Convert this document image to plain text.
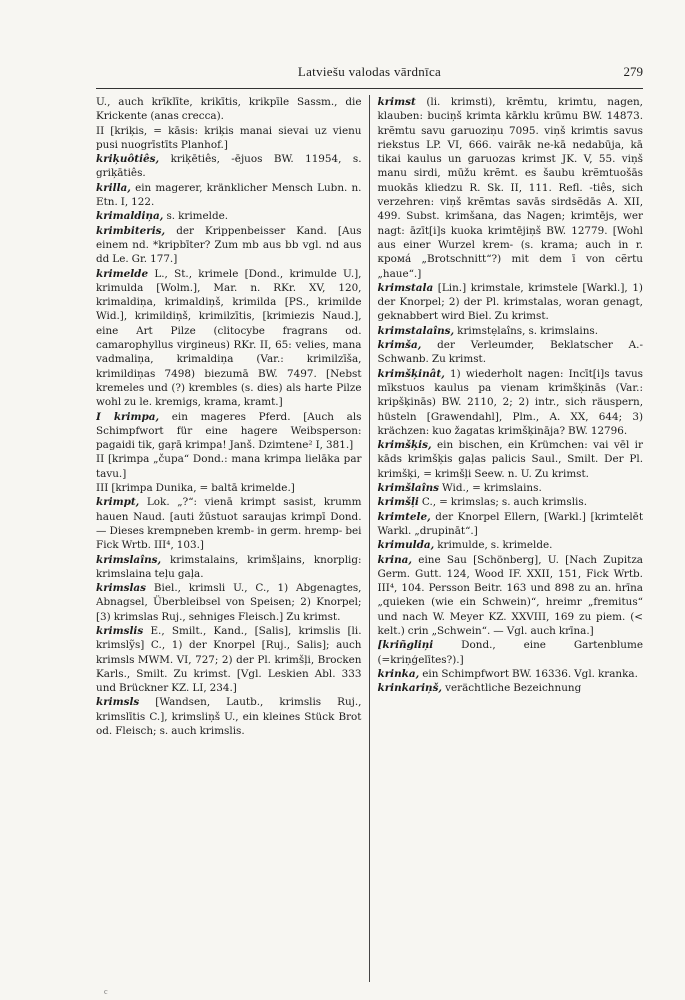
Latviešu valodas vārdnīca	279

U., auch krīklīte, krikītis, krikpīle Sassm., die Krickente (anas crecca).

II [kriķis, = kāsis: kriķis manai sievai uz vienu pusi nuogrīstīts Planhof.]

kriķuôtiês, kriķētiês, -ējuos BW. 11954, s. griķātiês.

krilla, ein magerer, kränklicher Mensch Lubn. n. Etn. I, 122.

krimaldiņa, s. krimelde.

krimbiteris, der Krippenbeisser Kand. [Aus einem nd. *kripbīter? Zum mb aus bb vgl. nd aus dd Le. Gr. 177.]

krimelde L., St., krimele [Dond., krimulde U.], krimulda [Wolm.], Mar. n. RKr. XV, 120, krimaldiņa, krimaldiņš, krimilda [PS., krimilde Wid.], krimildiņš, krimilzītis, [krimiezis Naud.], eine Art Pilze (clitocybe fragrans od. camarophyllus virgineus) RKr. II, 65: velies, mana vadmaliņa, krimaldiņa (Var.: krimilzīša, krimildiņas 7498) biezumā BW. 7497. [Nebst kremeles und (?) krembles (s. dies) als harte Pilze wohl zu le. kremigs, krama, kramt.]

I krimpa, ein mageres Pferd. [Auch als Schimpfwort für eine hagere Weibsperson: pagaidi tik, gaŗā krimpa! Janš. Dzimtene² I, 381.]

II [krimpa „čupa“ Dond.: mana krimpa lielāka par tavu.]

III [krimpa Dunika, = baltā krimelde.]

krimpt, Lok. „?“: vienā krimpt sasist, krumm hauen Naud. [auti žūstuot saraujas krimpī Dond. — Dieses krempneben kremb- in germ. hremp- bei Fick Wrtb. III⁴, 103.]

krimslaîns, krimstalains, krimšļains, knorplig: krimslaina teļu gaļa.

krimslas Biel., krimsli U., C., 1) Abgenagtes, Abnagsel, Überbleibsel von Speisen; 2) Knorpel; [3) krimslas Ruj., sehniges Fleisch.] Zu krimst.

krimslis E., Smilt., Kand., [Salis], krimslis [li. krimslỹs] C., 1) der Knorpel [Ruj., Salis]; auch krimsls MWM. VI, 727; 2) der Pl. krimšļi, Brocken Karls., Smilt. Zu krimst. [Vgl. Leskien Abl. 333 und Brückner KZ. LI, 234.]

krimsls [Wandsen, Lautb., krimslis Ruj., krimslītis C.], krimsliņš U., ein kleines Stück Brot od. Fleisch; s. auch krimslis.

krimst (li. krimsti), krẽmtu, krimtu, nagen, klauben: buciņš krimta kārklu krūmu BW. 14873. krẽmtu savu garuoziņu 7095. viņš krimtis savus riekstus LP. VI, 666. vairāk ne-kā nedabūja, kā tikai kaulus un garuozas krimst JK. V, 55. viņš manu sirdi, mūžu krẽmt. es šaubu krẽmtuošās muokās kliedzu R. Sk. II, 111. Refl. -tiês, sich verzehren: viņš krẽmtas savās sirdsẽdās A. XII, 499. Subst. krimšana, das Nagen; krimtējs, wer nagt: āzīt[i]s kuoka krimtējiņš BW. 12779. [Wohl aus einer Wurzel krem- (s. krama; auch in r. кромá „Brotschnitt“?) mit dem ī von cẽrtu „haue“.]

krimstala [Lin.] krimstale, krimstele [Warkl.], 1) der Knorpel; 2) der Pl. krimstalas, woran genagt, geknabbert wird Biel. Zu krimst.

krimstalaîns, krimstẹlaîns, s. krimslains.

krimša, der Verleumder, Beklatscher A.-Schwanb. Zu krimst.

krimšķinât, 1) wiederholt nagen: Incīt[i]s tavus mīkstuos kaulus pa vienam krimšķinās (Var.: kripšķinās) BW. 2110, 2; 2) intr., sich räuspern, hüsteln [Grawendahl], Plm., A. XX, 644; 3) krächzen: kuo žagatas krimšķināja? BW. 12796.

krimšķis, ein bischen, ein Krümchen: vai vēl ir kāds krimšķis gaļas palicis Saul., Smilt. Der Pl. krimšķi, = krimšļi Seew. n. U. Zu krimst.

krimšlaîns Wid., = krimslains.

krimšļi C., = krimslas; s. auch krimslis.

krimtele, der Knorpel Ellern, [Warkl.] [krimtelēt Warkl. „drupināt“.]

krimulda, krimulde, s. krimelde.

krina, eine Sau [Schönberg], U. [Nach Zupitza Germ. Gutt. 124, Wood IF. XXII, 151, Fick Wrtb. III⁴, 104. Persson Beitr. 163 und 898 zu an. hrīna „quieken (wie ein Schwein)“, hreimr „fremitus“ und nach W. Meyer KZ. XXVIII, 169 zu piem. (< kelt.) crin „Schwein“. — Vgl. auch krīna.]

[kriñgliņi	Dond., eine Gartenblume (=kriņģelītes?).]

krinka, ein Schimpfwort BW. 16336. Vgl. kranka.

krinkariņš, verächtliche Bezeichnung

c
